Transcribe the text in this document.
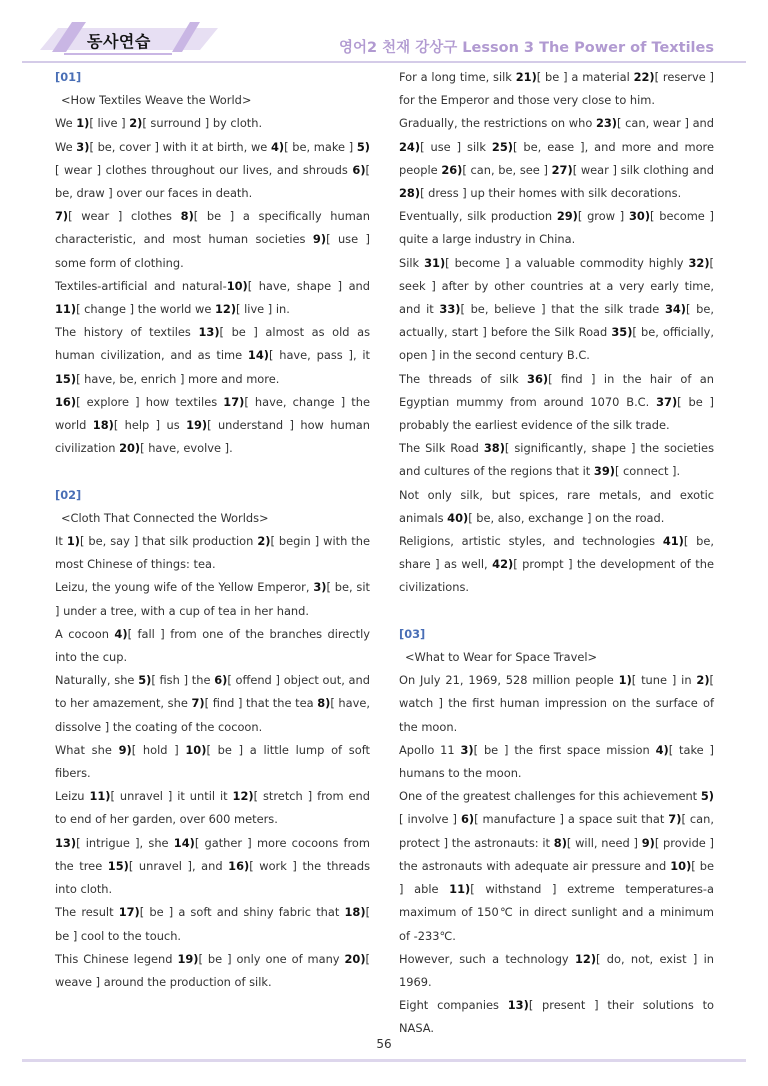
동사연습	영어2 천재 강상구 Lesson 3 The Power of Textiles

[01]

<How Textiles Weave the World>

We 1)[ live ] 2)[ surround ] by cloth.

We 3)[ be, cover ] with it at birth, we 4)[ be, make ] 5)[ wear ] clothes throughout our lives, and shrouds 6)[ be, draw ] over our faces in death.

7)[ wear ] clothes 8)[ be ] a specifically human characteristic, and most human societies 9)[ use ] some form of clothing.

Textiles-artificial and natural-10)[ have, shape ] and 11)[ change ] the world we 12)[ live ] in.

The history of textiles 13)[ be ] almost as old as human civilization, and as time 14)[ have, pass ], it 15)[ have, be, enrich ] more and more.

16)[ explore ] how textiles 17)[ have, change ] the world 18)[ help ] us 19)[ understand ] how human civilization 20)[ have, evolve ].

[02]

<Cloth That Connected the Worlds>

It 1)[ be, say ] that silk production 2)[ begin ] with the most Chinese of things: tea.

Leizu, the young wife of the Yellow Emperor, 3)[ be, sit ] under a tree, with a cup of tea in her hand.

A cocoon 4)[ fall ] from one of the branches directly into the cup.

Naturally, she 5)[ fish ] the 6)[ offend ] object out, and to her amazement, she 7)[ find ] that the tea 8)[ have, dissolve ] the coating of the cocoon.

What she 9)[ hold ] 10)[ be ] a little lump of soft fibers.

Leizu 11)[ unravel ] it until it 12)[ stretch ] from end to end of her garden, over 600 meters.

13)[ intrigue ], she 14)[ gather ] more cocoons from the tree 15)[ unravel ], and 16)[ work ] the threads into cloth.

The result 17)[ be ] a soft and shiny fabric that 18)[ be ] cool to the touch.

This Chinese legend 19)[ be ] only one of many 20)[ weave ] around the production of silk.

For a long time, silk 21)[ be ] a material 22)[ reserve ] for the Emperor and those very close to him.

Gradually, the restrictions on who 23)[ can, wear ] and 24)[ use ] silk 25)[ be, ease ], and more and more people 26)[ can, be, see ] 27)[ wear ] silk clothing and 28)[ dress ] up their homes with silk decorations.

Eventually, silk production 29)[ grow ] 30)[ become ] quite a large industry in China.

Silk 31)[ become ] a valuable commodity highly 32)[ seek ] after by other countries at a very early time, and it 33)[ be, believe ] that the silk trade 34)[ be, actually, start ] before the Silk Road 35)[ be, officially, open ] in the second century B.C.

The threads of silk 36)[ find ] in the hair of an Egyptian mummy from around 1070 B.C. 37)[ be ] probably the earliest evidence of the silk trade.

The Silk Road 38)[ significantly, shape ] the societies and cultures of the regions that it 39)[ connect ].

Not only silk, but spices, rare metals, and exotic animals 40)[ be, also, exchange ] on the road.

Religions, artistic styles, and technologies 41)[ be, share ] as well, 42)[ prompt ] the development of the civilizations.

[03]

<What to Wear for Space Travel>

On July 21, 1969, 528 million people 1)[ tune ] in 2)[ watch ] the first human impression on the surface of the moon.

Apollo 11 3)[ be ] the first space mission 4)[ take ] humans to the moon.

One of the greatest challenges for this achievement 5)[ involve ] 6)[ manufacture ] a space suit that 7)[ can, protect ] the astronauts: it 8)[ will, need ] 9)[ provide ] the astronauts with adequate air pressure and 10)[ be ] able 11)[ withstand ] extreme temperatures-a maximum of 150℃ in direct sunlight and a minimum of -233℃.

However, such a technology 12)[ do, not, exist ] in 1969.

Eight companies 13)[ present ] their solutions to NASA.

56
